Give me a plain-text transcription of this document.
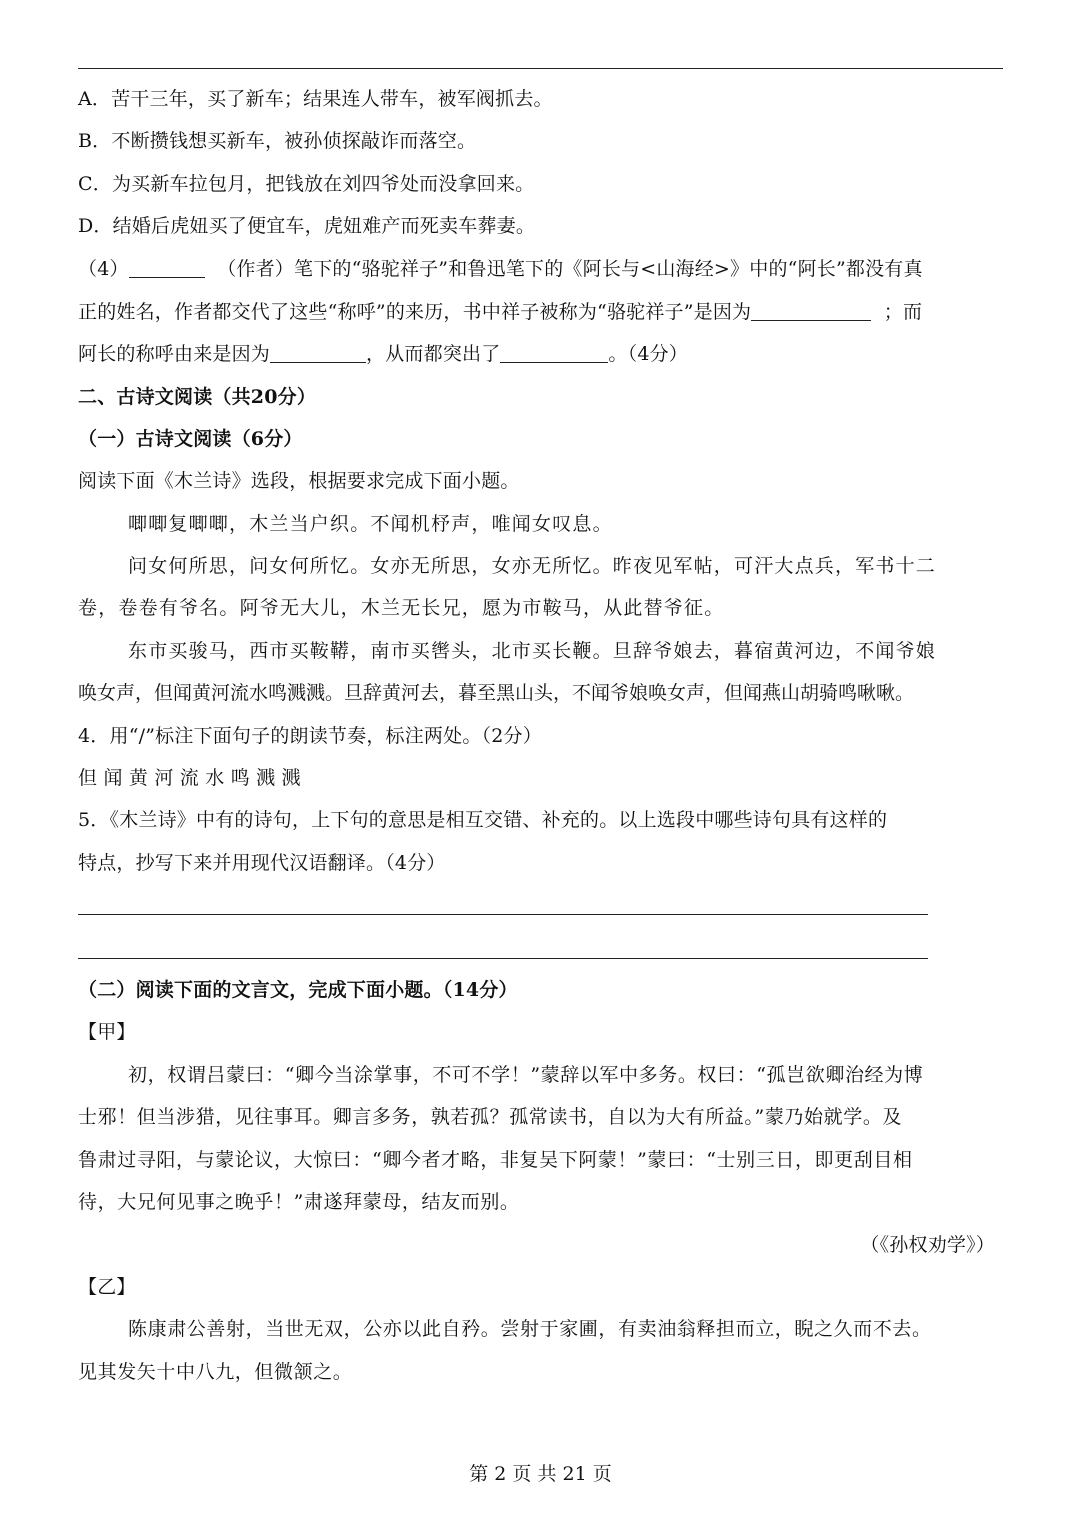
A．苦干三年，买了新车；结果连人带车，被军阀抓去。
B．不断攒钱想买新车，被孙侦探敲诈而落空。
C．为买新车拉包月，把钱放在刘四爷处而没拿回来。
D．结婚后虎妞买了便宜车，虎妞难产而死卖车葬妻。
（4）	（作者）笔下的“骆驼祥子”和鲁迅笔下的《阿长与<山海经>》中的“阿长”都没有真
正的姓名，作者都交代了这些“称呼”的来历，书中祥子被称为“骆驼祥子”是因为	；而
阿长的称呼由来是因为	，从而都突出了	。（4分）
二、古诗文阅读（共20分）
（一）古诗文阅读（6分）
阅读下面《木兰诗》选段，根据要求完成下面小题。
唧唧复唧唧，木兰当户织。不闻机杼声，唯闻女叹息。
问女何所思，问女何所忆。女亦无所思，女亦无所忆。昨夜见军帖，可汗大点兵，军书十二
卷，卷卷有爷名。阿爷无大儿，木兰无长兄，愿为市鞍马，从此替爷征。
东市买骏马，西市买鞍鞯，南市买辔头，北市买长鞭。旦辞爷娘去，暮宿黄河边，不闻爷娘
唤女声，但闻黄河流水鸣溅溅。旦辞黄河去，暮至黑山头，不闻爷娘唤女声，但闻燕山胡骑鸣啾啾。
4．用“/”标注下面句子的朗读节奏，标注两处。（2分）
但 闻 黄 河 流 水 鸣 溅 溅
5．《木兰诗》中有的诗句，上下句的意思是相互交错、补充的。以上选段中哪些诗句具有这样的
特点，抄写下来并用现代汉语翻译。（4分）
（二）阅读下面的文言文，完成下面小题。（14分）
【甲】
初，权谓吕蒙曰：“卿今当涂掌事，不可不学！”蒙辞以军中多务。权曰：“孤岂欲卿治经为博
士邪！但当涉猎，见往事耳。卿言多务，孰若孤？孤常读书，自以为大有所益。”蒙乃始就学。及
鲁肃过寻阳，与蒙论议，大惊曰：“卿今者才略，非复吴下阿蒙！”蒙曰：“士别三日，即更刮目相
待，大兄何见事之晚乎！”肃遂拜蒙母，结友而别。
（《孙权劝学》）
【乙】
陈康肃公善射，当世无双，公亦以此自矜。尝射于家圃，有卖油翁释担而立，睨之久而不去。
见其发矢十中八九，但微颔之。
第 2 页 共 21 页
